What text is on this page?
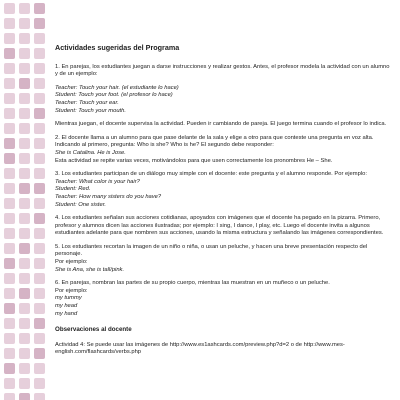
Actividades sugeridas del Programa

1. En parejas, los estudiantes juegan a darse instrucciones y realizar gestos. Antes, el profesor modela la actividad con un alumno y de un ejemplo:

Teacher: Touch your hair. (el estudiante lo hace)
Student: Touch your foot. (el profesor lo hace)
Teacher: Touch your ear.
Student: Touch your mouth.

Mientras juegan, el docente supervisa la actividad. Pueden ir cambiando de pareja. El juego termina cuando el profesor lo indica.

2. El docente llama a un alumno para que pase delante de la sala y elige a otro para que conteste una pregunta en voz alta. Indicando al primero, pregunta: Who is she? Who is he? El segundo debe responder:

She is Catalina. He is Jose.

Esta actividad se repite varias veces, motivándolos para que usen correctamente los pronombres He – She.

3. Los estudiantes participan de un diálogo muy simple con el docente: este pregunta y el alumno responde. Por ejemplo:

Teacher: What color is your hair?
Student: Red.
Teacher: How many sisters do you have?
Student: One sister.

4. Los estudiantes señalan sus acciones cotidianas, apoyados con imágenes que el docente ha pegado en la pizarra. Primero, profesor y alumnos dicen las acciones ilustradas; por ejemplo: I sing, I dance, I play, etc. Luego el docente invita a algunos estudiantes adelante para que nombren sus acciones, usando la misma estructura y señalando las imágenes correspondientes.

5. Los estudiantes recortan la imagen de un niño o niña, o usan un peluche, y hacen una breve presentación respecto del personaje.

Por ejemplo:
She is Ana, she is tall/pink.

6. En parejas, nombran las partes de su propio cuerpo, mientras las muestran en un muñeco o un peluche.

Por ejemplo:
my tummy
my head
my hand
Observaciones al docente

Actividad 4: Se puede usar las imágenes de http://www.es1ashcards.com/preview.php?d=2 o de http://www.mes-english.com/flashcards/verbs.php
